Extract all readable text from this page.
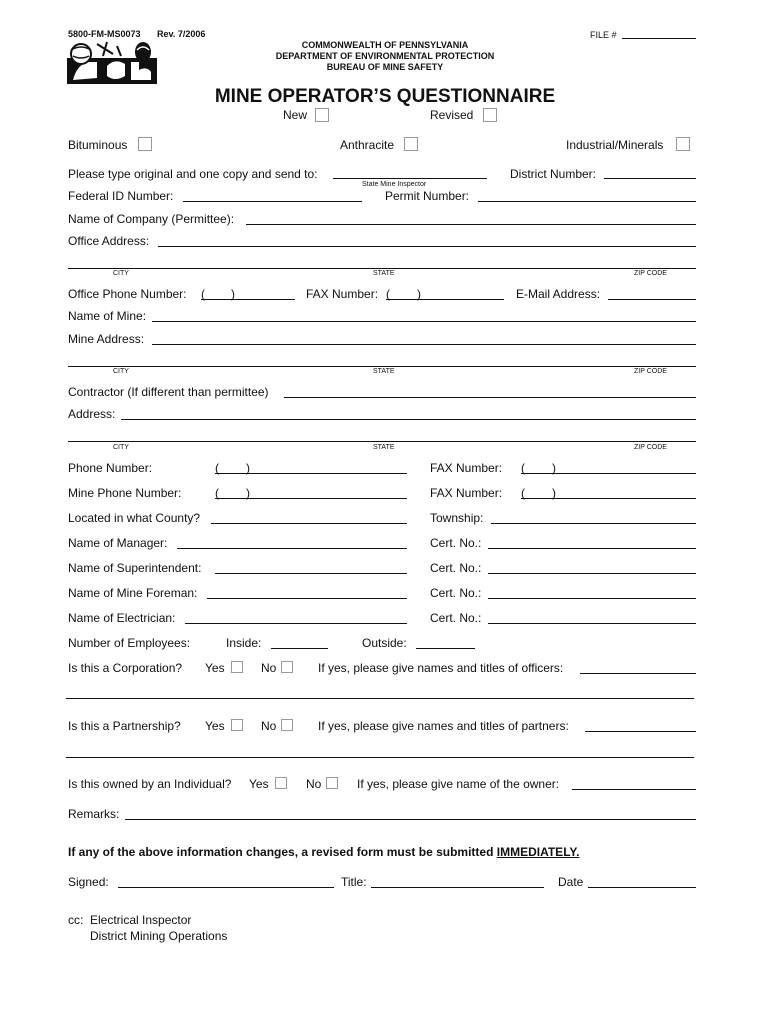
5800-FM-MS0073 Rev. 7/2006	FILE #
COMMONWEALTH OF PENNSYLVANIA
DEPARTMENT OF ENVIRONMENTAL PROTECTION
BUREAU OF MINE SAFETY
MINE OPERATOR’S QUESTIONNAIRE
New	Revised
Bituminous	Anthracite	Industrial/Minerals
Please type original and one copy and send to:
State Mine Inspector
District Number:
Federal ID Number:	Permit Number:
Name of Company (Permittee):
Office Address:
CITY	STATE	ZIP CODE
Office Phone Number: ( )	FAX Number: ( )	E-Mail Address:
Name of Mine:
Mine Address:
CITY	STATE	ZIP CODE
Contractor (If different than permittee)
Address:
CITY	STATE	ZIP CODE
Phone Number:	( )	FAX Number: ( )
Mine Phone Number:	( )	FAX Number: ( )
Located in what County?	Township:
Name of Manager:	Cert. No.:
Name of Superintendent:	Cert. No.:
Name of Mine Foreman:	Cert. No.:
Name of Electrician:	Cert. No.:
Number of Employees:	Inside:	Outside:
Is this a Corporation? Yes	No	If yes, please give names and titles of officers:
Is this a Partnership? Yes	No	If yes, please give names and titles of partners:
Is this owned by an Individual? Yes	No	If yes, please give name of the owner:
Remarks:
If any of the above information changes, a revised form must be submitted IMMEDIATELY.
Signed:	Title:	Date
cc: Electrical Inspector
District Mining Operations
